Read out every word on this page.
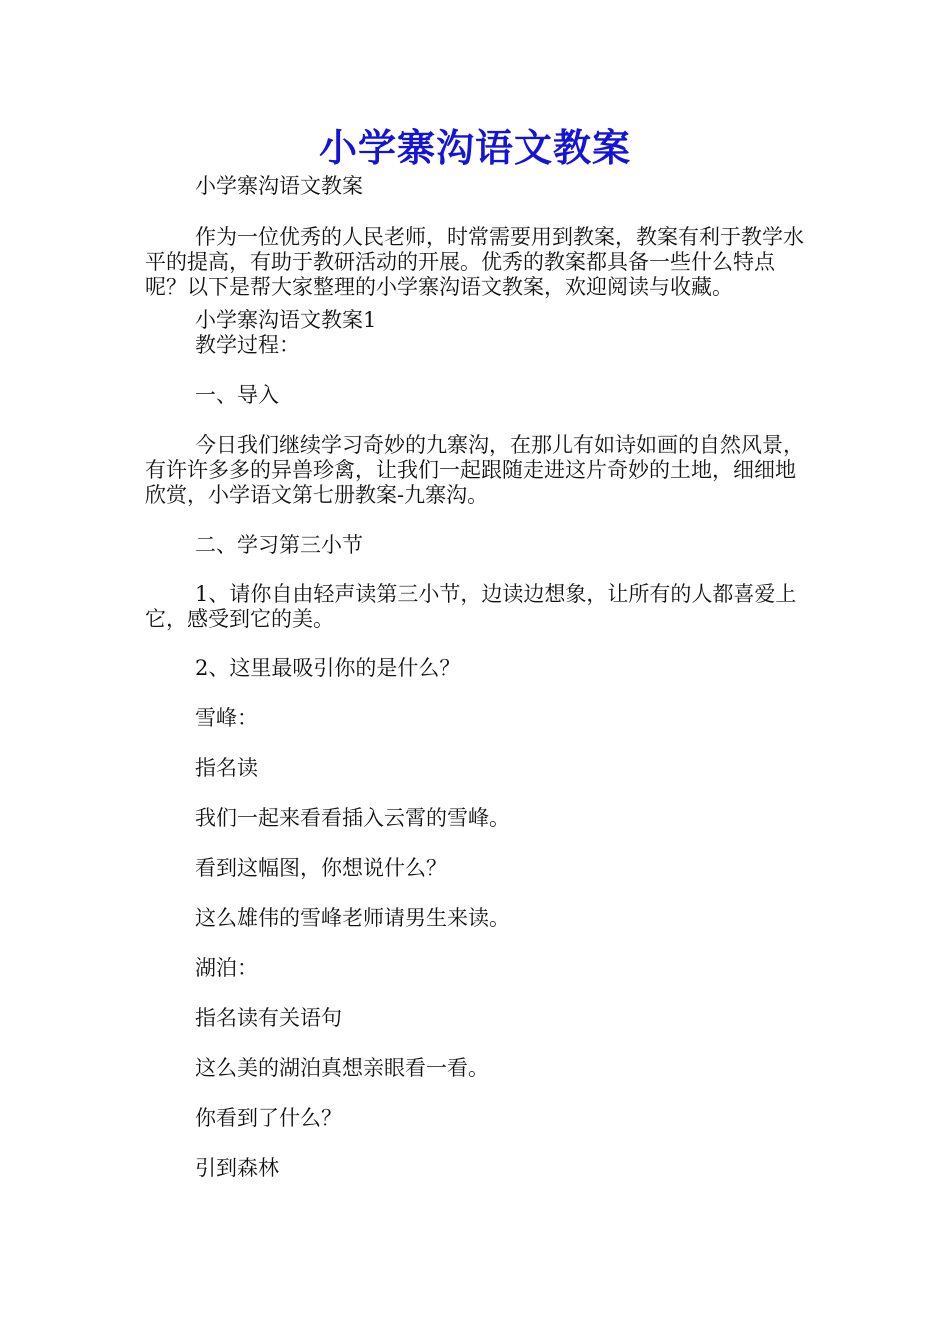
小学寨沟语文教案

小学寨沟语文教案

作为一位优秀的人民老师，时常需要用到教案，教案有利于教学水平的提高，有助于教研活动的开展。优秀的教案都具备一些什么特点呢？以下是帮大家整理的小学寨沟语文教案，欢迎阅读与收藏。

小学寨沟语文教案1

教学过程：

一、导入

今日我们继续学习奇妙的九寨沟，在那儿有如诗如画的自然风景，有许许多多的异兽珍禽，让我们一起跟随走进这片奇妙的土地，细细地欣赏，小学语文第七册教案-九寨沟。

二、学习第三小节

1、请你自由轻声读第三小节，边读边想象，让所有的人都喜爱上它，感受到它的美。

2、这里最吸引你的是什么？

雪峰：

指名读

我们一起来看看插入云霄的雪峰。

看到这幅图，你想说什么？

这么雄伟的雪峰老师请男生来读。

湖泊：

指名读有关语句

这么美的湖泊真想亲眼看一看。

你看到了什么？

引到森林
